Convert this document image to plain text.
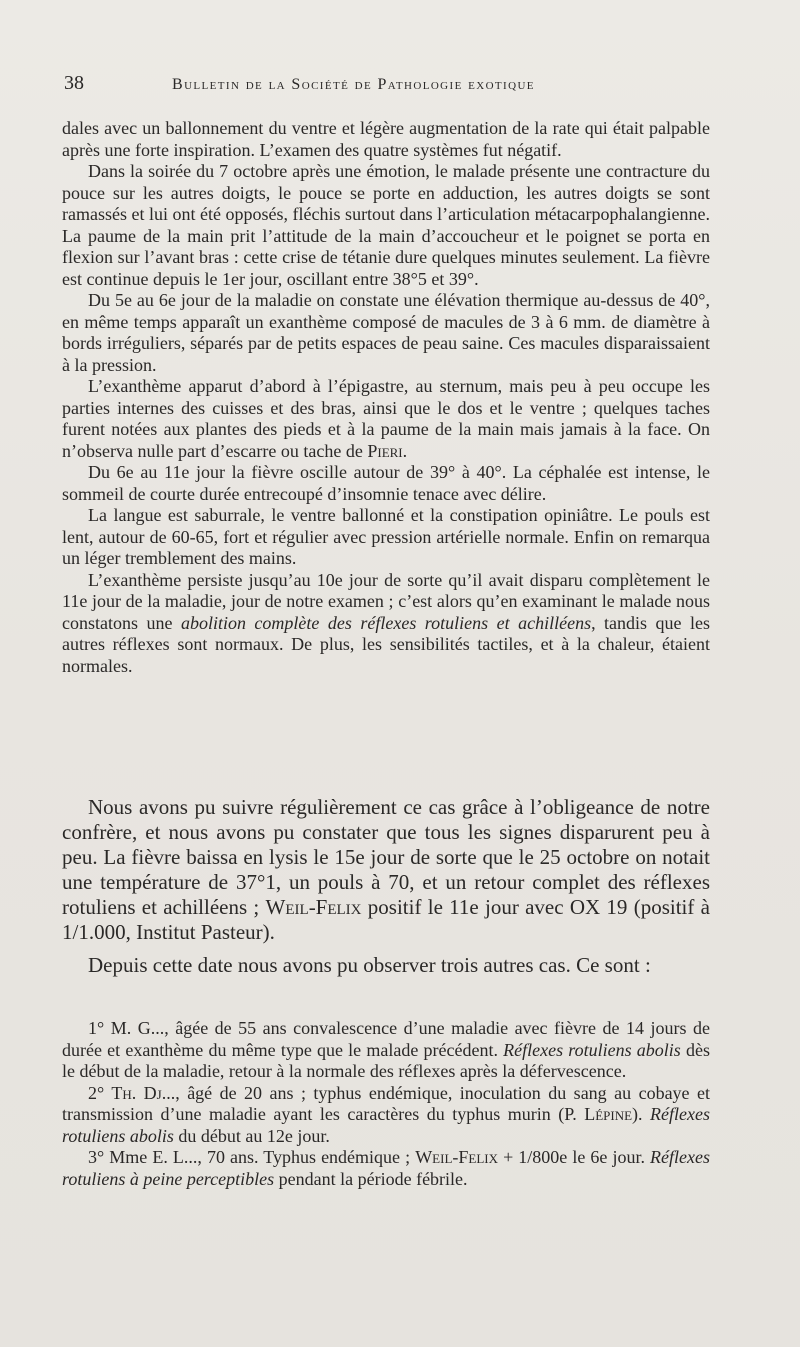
38	Bulletin de la Société de Pathologie exotique

dales avec un ballonnement du ventre et légère augmentation de la rate qui était palpable après une forte inspiration. L’examen des quatre systèmes fut négatif.

Dans la soirée du 7 octobre après une émotion, le malade présente une contracture du pouce sur les autres doigts, le pouce se porte en adduction, les autres doigts se sont ramassés et lui ont été opposés, fléchis surtout dans l’articulation métacarpophalangienne. La paume de la main prit l’attitude de la main d’accoucheur et le poignet se porta en flexion sur l’avant bras : cette crise de tétanie dure quelques minutes seulement. La fièvre est continue depuis le 1er jour, oscillant entre 38°5 et 39°.

Du 5e au 6e jour de la maladie on constate une élévation thermique au-dessus de 40°, en même temps apparaît un exanthème composé de macules de 3 à 6 mm. de diamètre à bords irréguliers, séparés par de petits espaces de peau saine. Ces macules disparaissaient à la pression.

L’exanthème apparut d’abord à l’épigastre, au sternum, mais peu à peu occupe les parties internes des cuisses et des bras, ainsi que le dos et le ventre ; quelques taches furent notées aux plantes des pieds et à la paume de la main mais jamais à la face. On n’observa nulle part d’escarre ou tache de Pieri.

Du 6e au 11e jour la fièvre oscille autour de 39° à 40°. La céphalée est intense, le sommeil de courte durée entrecoupé d’insomnie tenace avec délire.

La langue est saburrale, le ventre ballonné et la constipation opiniâtre. Le pouls est lent, autour de 60-65, fort et régulier avec pression artérielle normale. Enfin on remarqua un léger tremblement des mains.

L’exanthème persiste jusqu’au 10e jour de sorte qu’il avait disparu complètement le 11e jour de la maladie, jour de notre examen ; c’est alors qu’en examinant le malade nous constatons une abolition complète des réflexes rotuliens et achilléens, tandis que les autres réflexes sont normaux. De plus, les sensibilités tactiles, et à la chaleur, étaient normales.

Nous avons pu suivre régulièrement ce cas grâce à l’obligeance de notre confrère, et nous avons pu constater que tous les signes disparurent peu à peu. La fièvre baissa en lysis le 15e jour de sorte que le 25 octobre on notait une température de 37°1, un pouls à 70, et un retour complet des réflexes rotuliens et achilléens ; Weil-Felix positif le 11e jour avec OX 19 (positif à 1/1.000, Institut Pasteur).

Depuis cette date nous avons pu observer trois autres cas. Ce sont :

1° M. G..., âgée de 55 ans convalescence d’une maladie avec fièvre de 14 jours de durée et exanthème du même type que le malade précédent. Réflexes rotuliens abolis dès le début de la maladie, retour à la normale des réflexes après la défervescence.

2° Th. Dj..., âgé de 20 ans ; typhus endémique, inoculation du sang au cobaye et transmission d’une maladie ayant les caractères du typhus murin (P. Lépine). Réflexes rotuliens abolis du début au 12e jour.

3° Mme E. L..., 70 ans. Typhus endémique ; Weil-Felix + 1/800e le 6e jour. Réflexes rotuliens à peine perceptibles pendant la période fébrile.
